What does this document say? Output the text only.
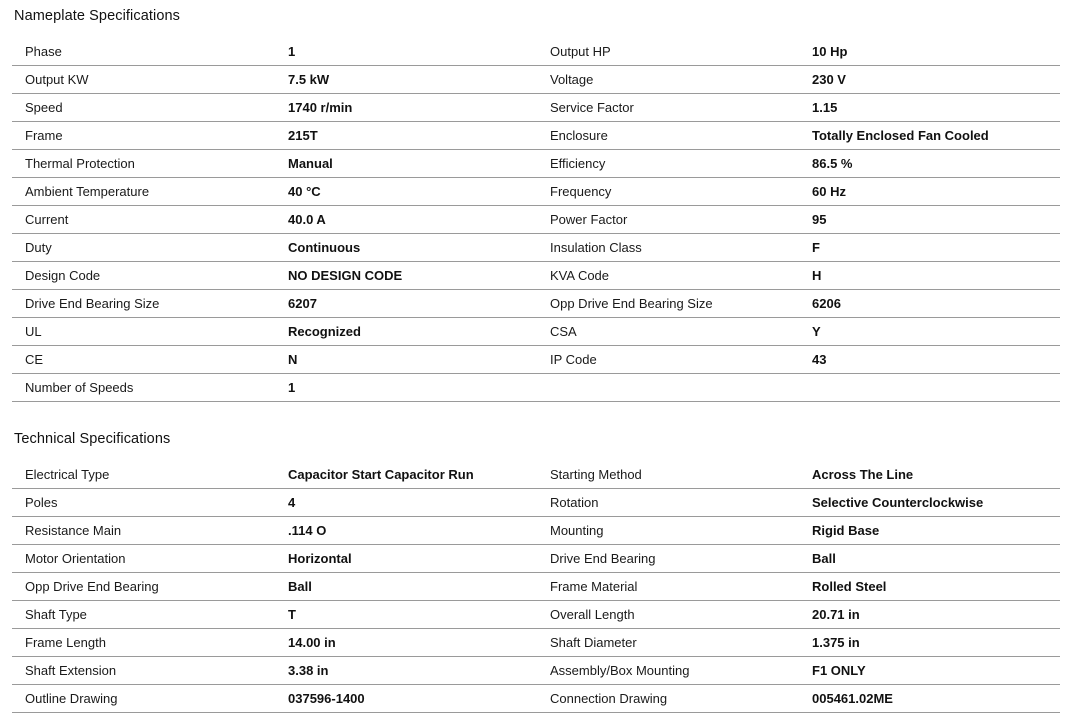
Nameplate Specifications
Phase	1	Output HP	10 Hp
Output KW	7.5 kW	Voltage	230 V
Speed	1740 r/min	Service Factor	1.15
Frame	215T	Enclosure	Totally Enclosed Fan Cooled
Thermal Protection	Manual	Efficiency	86.5 %
Ambient Temperature	40 °C	Frequency	60 Hz
Current	40.0 A	Power Factor	95
Duty	Continuous	Insulation Class	F
Design Code	NO DESIGN CODE	KVA Code	H
Drive End Bearing Size	6207	Opp Drive End Bearing Size	6206
UL	Recognized	CSA	Y
CE	N	IP Code	43
Number of Speeds	1		
Technical Specifications
Electrical Type	Capacitor Start Capacitor Run	Starting Method	Across The Line
Poles	4	Rotation	Selective Counterclockwise
Resistance Main	.114 O	Mounting	Rigid Base
Motor Orientation	Horizontal	Drive End Bearing	Ball
Opp Drive End Bearing	Ball	Frame Material	Rolled Steel
Shaft Type	T	Overall Length	20.71 in
Frame Length	14.00 in	Shaft Diameter	1.375 in
Shaft Extension	3.38 in	Assembly/Box Mounting	F1 ONLY
Outline Drawing	037596-1400	Connection Drawing	005461.02ME
